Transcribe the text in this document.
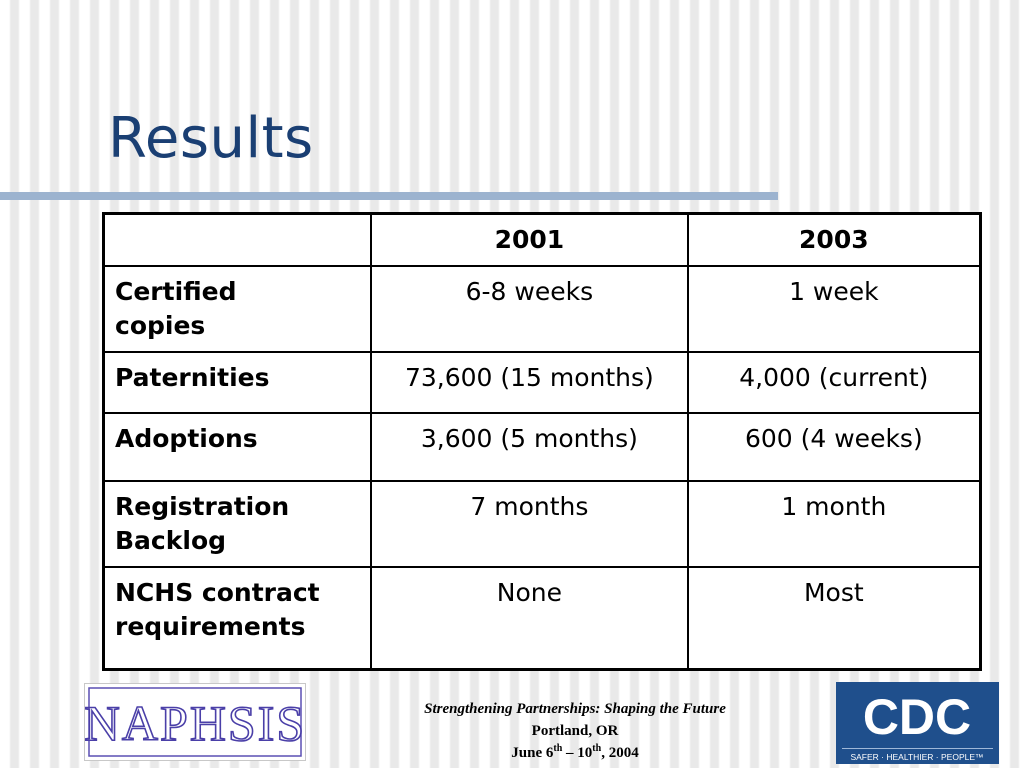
Results
	2001	2003
Certified
copies	6-8 weeks	1 week
Paternities	73,600 (15 months)	4,000 (current)
Adoptions	3,600 (5 months)	600 (4 weeks)
Registration
Backlog	7 months	1 month
NCHS contract
requirements	None	Most
NAPHSIS	Strengthening Partnerships: Shaping the Future
Portland, OR
June 6th – 10th, 2004
CDC
SAFER · HEALTHIER · PEOPLE™
